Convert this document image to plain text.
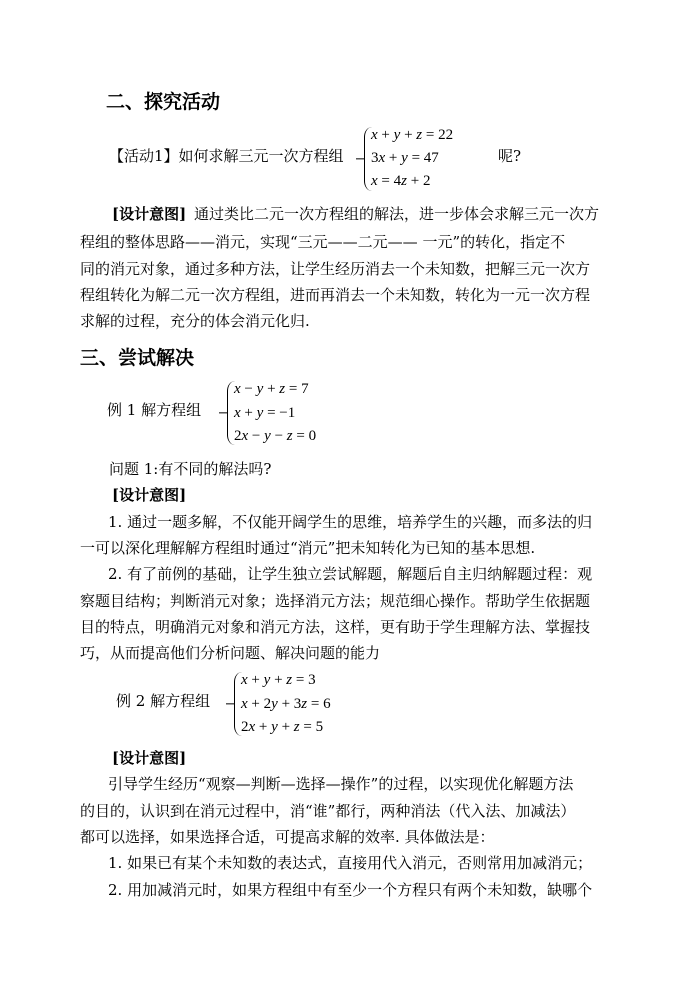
二、探究活动
【活动1】如何求解三元一次方程组
x + y + z = 22
3x + y = 47
x = 4z + 2
呢?
[设计意图] 通过类比二元一次方程组的解法，进一步体会求解三元一次方
程组的整体思路——消元，实现“三元——二元—— 一元”的转化，指定不
同的消元对象，通过多种方法，让学生经历消去一个未知数，把解三元一次方
程组转化为解二元一次方程组，进而再消去一个未知数，转化为一元一次方程
求解的过程，充分的体会消元化归.
三、尝试解决
例 1 解方程组
x − y + z = 7
x + y = −1
2x − y − z = 0
问题 1:有不同的解法吗?
[设计意图]
1. 通过一题多解，不仅能开阔学生的思维，培养学生的兴趣，而多法的归
一可以深化理解解方程组时通过“消元”把未知转化为已知的基本思想.
2. 有了前例的基础，让学生独立尝试解题，解题后自主归纳解题过程：观
察题目结构；判断消元对象；选择消元方法；规范细心操作。帮助学生依据题
目的特点，明确消元对象和消元方法，这样，更有助于学生理解方法、掌握技
巧，从而提高他们分析问题、解决问题的能力
例 2 解方程组
x + y + z = 3
x + 2y + 3z = 6
2x + y + z = 5
[设计意图]
引导学生经历“观察—判断—选择—操作”的过程，以实现优化解题方法
的目的，认识到在消元过程中，消“谁”都行，两种消法（代入法、加减法）
都可以选择，如果选择合适，可提高求解的效率. 具体做法是：
1. 如果已有某个未知数的表达式，直接用代入消元，否则常用加减消元；
2. 用加减消元时，如果方程组中有至少一个方程只有两个未知数，缺哪个
